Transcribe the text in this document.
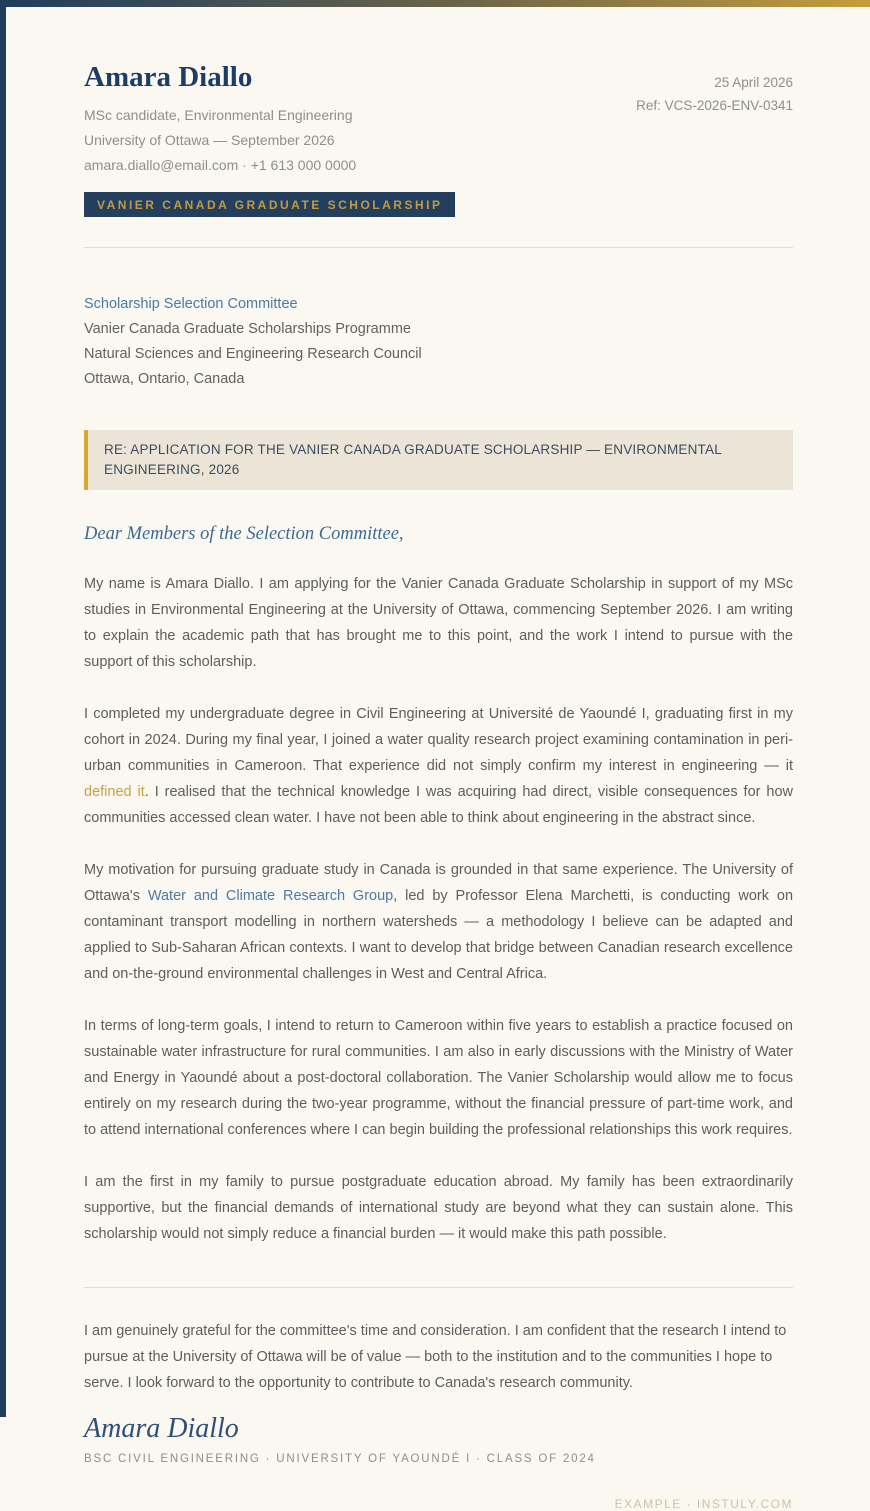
Amara Diallo
MSc candidate, Environmental Engineering
University of Ottawa — September 2026
amara.diallo@email.com · +1 613 000 0000
VANIER CANADA GRADUATE SCHOLARSHIP
25 April 2026
Ref: VCS-2026-ENV-0341
Scholarship Selection Committee
Vanier Canada Graduate Scholarships Programme
Natural Sciences and Engineering Research Council
Ottawa, Ontario, Canada
RE: APPLICATION FOR THE VANIER CANADA GRADUATE SCHOLARSHIP — ENVIRONMENTAL ENGINEERING, 2026
Dear Members of the Selection Committee,

My name is Amara Diallo. I am applying for the Vanier Canada Graduate Scholarship in support of my MSc studies in Environmental Engineering at the University of Ottawa, commencing September 2026. I am writing to explain the academic path that has brought me to this point, and the work I intend to pursue with the support of this scholarship.

I completed my undergraduate degree in Civil Engineering at Université de Yaoundé I, graduating first in my cohort in 2024. During my final year, I joined a water quality research project examining contamination in peri-urban communities in Cameroon. That experience did not simply confirm my interest in engineering — it defined it. I realised that the technical knowledge I was acquiring had direct, visible consequences for how communities accessed clean water. I have not been able to think about engineering in the abstract since.

My motivation for pursuing graduate study in Canada is grounded in that same experience. The University of Ottawa's Water and Climate Research Group, led by Professor Elena Marchetti, is conducting work on contaminant transport modelling in northern watersheds — a methodology I believe can be adapted and applied to Sub-Saharan African contexts. I want to develop that bridge between Canadian research excellence and on-the-ground environmental challenges in West and Central Africa.

In terms of long-term goals, I intend to return to Cameroon within five years to establish a practice focused on sustainable water infrastructure for rural communities. I am also in early discussions with the Ministry of Water and Energy in Yaoundé about a post-doctoral collaboration. The Vanier Scholarship would allow me to focus entirely on my research during the two-year programme, without the financial pressure of part-time work, and to attend international conferences where I can begin building the professional relationships this work requires.

I am the first in my family to pursue postgraduate education abroad. My family has been extraordinarily supportive, but the financial demands of international study are beyond what they can sustain alone. This scholarship would not simply reduce a financial burden — it would make this path possible.

I am genuinely grateful for the committee's time and consideration. I am confident that the research I intend to pursue at the University of Ottawa will be of value — both to the institution and to the communities I hope to serve. I look forward to the opportunity to contribute to Canada's research community.
Amara Diallo
BSC CIVIL ENGINEERING · UNIVERSITY OF YAOUNDÉ I · CLASS OF 2024
EXAMPLE · INSTULY.COM
